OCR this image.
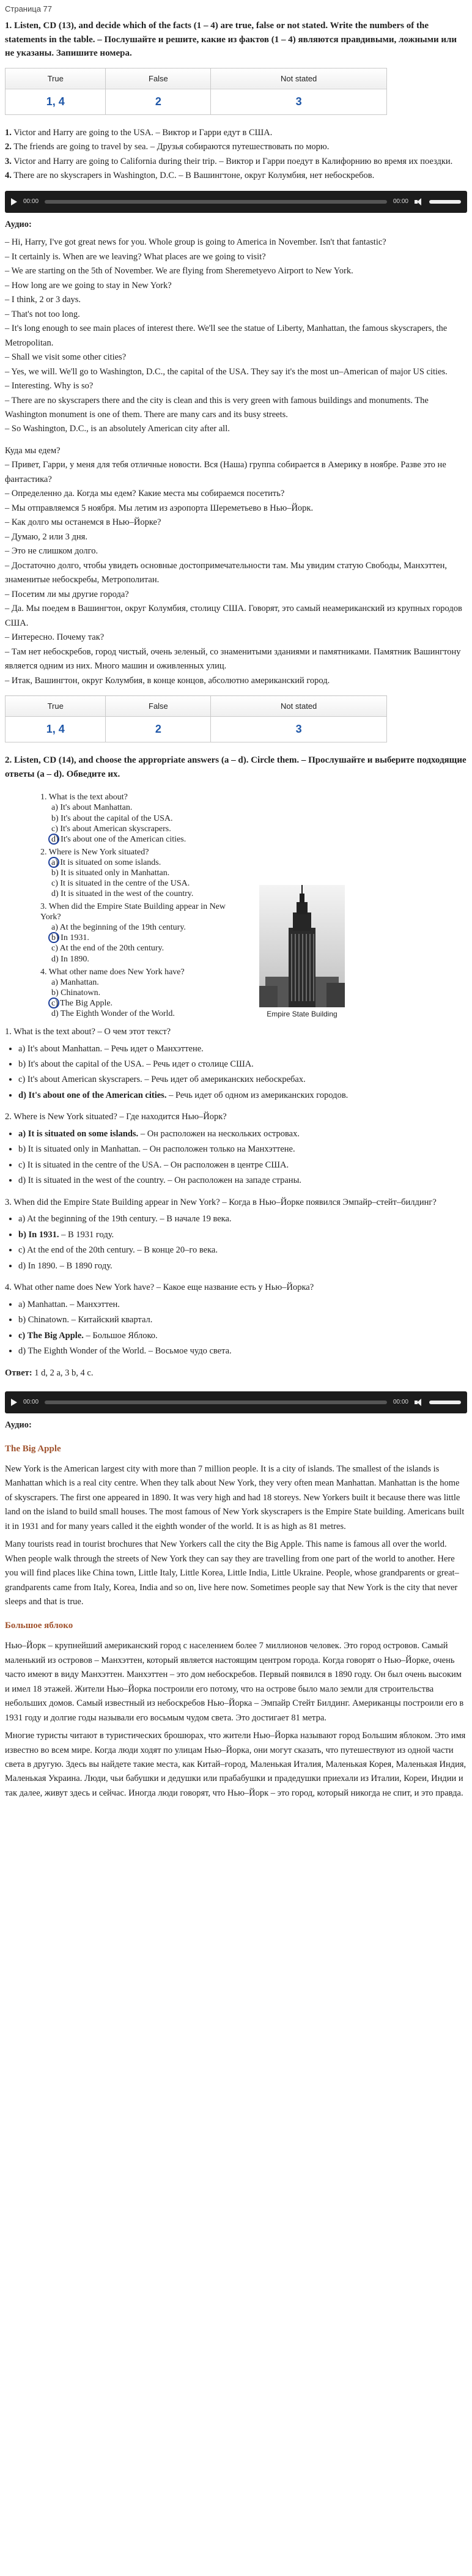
Страница 77
1. Listen, CD (13), and decide which of the facts (1 – 4) are true, false or not stated. Write the numbers of the statements in the table. – Послушайте и решите, какие из фактов (1 – 4) являются правдивыми, ложными или не указаны. Запишите номера.
True	False	Not stated
1, 4	2	3

1. Victor and Harry are going to the USA. – Виктор и Гарри едут в США.

2. The friends are going to travel by sea. – Друзья собираются путешествовать по морю.

3. Victor and Harry are going to California during their trip. – Виктор и Гарри поедут в Калифорнию во время их поездки.

4. There are no skyscrapers in Washington, D.C. – В Вашингтоне, округ Колумбия, нет небоскребов.

00:00	00:00
Аудио:

– Hi, Harry, I've got great news for you. Whole group is going to America in November. Isn't that fantastic?

– It certainly is. When are we leaving? What places are we going to visit?

– We are starting on the 5th of November. We are flying from Sheremetyevo Airport to New York.

– How long are we going to stay in New York?

– I think, 2 or 3 days.

– That's not too long.

– It's long enough to see main places of interest there. We'll see the statue of Liberty, Manhattan, the famous skyscrapers, the Metropolitan.

– Shall we visit some other cities?

– Yes, we will. We'll go to Washington, D.C., the capital of the USA. They say it's the most un–American of major US cities.

– Interesting. Why is so?

– There are no skyscrapers there and the city is clean and this is very green with famous buildings and monuments. The Washington monument is one of them. There are many cars and its busy streets.

– So Washington, D.C., is an absolutely American city after all.

Куда мы едем?

– Привет, Гарри, у меня для тебя отличные новости. Вся (Наша) группа собирается в Америку в ноябре. Разве это не фантастика?

– Определенно да. Когда мы едем? Какие места мы собираемся посетить?

– Мы отправляемся 5 ноября. Мы летим из аэропорта Шереметьево в Нью–Йорк.

– Как долго мы останемся в Нью–Йорке?

– Думаю, 2 или 3 дня.

– Это не слишком долго.

– Достаточно долго, чтобы увидеть основные достопримечательности там. Мы увидим статую Свободы, Манхэттен, знаменитые небоскребы, Метрополитан.

– Посетим ли мы другие города?

– Да. Мы поедем в Вашингтон, округ Колумбия, столицу США. Говорят, это самый неамериканский из крупных городов США.

– Интересно. Почему так?

– Там нет небоскребов, город чистый, очень зеленый, со знаменитыми зданиями и памятниками. Памятник Вашингтону является одним из них. Много машин и оживленных улиц.

– Итак, Вашингтон, округ Колумбия, в конце концов, абсолютно американский город.

True	False	Not stated
1, 4	2	3
2. Listen, CD (14), and choose the appropriate answers (a – d). Circle them. – Прослушайте и выберите подходящие ответы (a – d). Обведите их.
1. What is the text about?
a) It's about Manhattan.
b) It's about the capital of the USA.
c) It's about American skyscrapers.
d) It's about one of the American cities.
2. Where is New York situated?
a) It is situated on some islands.
b) It is situated only in Manhattan.
c) It is situated in the centre of the USA.
d) It is situated in the west of the country.
3. When did the Empire State Building appear in New York?
a) At the beginning of the 19th century.
b) In 1931.
c) At the end of the 20th century.
d) In 1890.
4. What other name does New York have?
a) Manhattan.
b) Chinatown.
c) The Big Apple.
d) The Eighth Wonder of the World.	Empire State Building

1. What is the text about? – О чем этот текст?

• a) It's about Manhattan. – Речь идет о Манхэттене.
• b) It's about the capital of the USA. – Речь идет о столице США.
• c) It's about American skyscrapers. – Речь идет об американских небоскребах.
• d) It's about one of the American cities. – Речь идет об одном из американских городов.

2. Where is New York situated? – Где находится Нью–Йорк?

• a) It is situated on some islands. – Он расположен на нескольких островах.
• b) It is situated only in Manhattan. – Он расположен только на Манхэттене.
• c) It is situated in the centre of the USA. – Он расположен в центре США.
• d) It is situated in the west of the country. – Он расположен на западе страны.

3. When did the Empire State Building appear in New York? – Когда в Нью–Йорке появился Эмпайр–стейт–билдинг?

• a) At the beginning of the 19th century. – В начале 19 века.
• b) In 1931. – В 1931 году.
• c) At the end of the 20th century. – В конце 20–го века.
• d) In 1890. – В 1890 году.

4. What other name does New York have? – Какое еще название есть у Нью–Йорка?

• a) Manhattan. – Манхэттен.
• b) Chinatown. – Китайский квартал.
• c) The Big Apple. – Большое Яблоко.
• d) The Eighth Wonder of the World. – Восьмое чудо света.
Ответ: 1 d, 2 a, 3 b, 4 c.
00:00	00:00
Аудио:
The Big Apple

New York is the American largest city with more than 7 million people. It is a city of islands. The smallest of the islands is Manhattan which is a real city centre. When they talk about New York, they very often mean Manhattan. Manhattan is the home of skyscrapers. The first one appeared in 1890. It was very high and had 18 storeys. New Yorkers built it because there was little land on the island to build small houses. The most famous of New York skyscrapers is the Empire State building. Americans built it in 1931 and for many years called it the eighth wonder of the world. It is as high as 81 metres.

Many tourists read in tourist brochures that New Yorkers call the city the Big Apple. This name is famous all over the world. When people walk through the streets of New York they can say they are travelling from one part of the world to another. Here you will find places like China town, Little Italy, Little Korea, Little India, Little Ukraine. People, whose grandparents or great–grandparents came from Italy, Korea, India and so on, live here now. Sometimes people say that New York is the city that never sleeps and that is true.

Большое яблоко

Нью–Йорк – крупнейший американский город с населением более 7 миллионов человек. Это город островов. Самый маленький из островов – Манхэттен, который является настоящим центром города. Когда говорят о Нью–Йорке, очень часто имеют в виду Манхэттен. Манхэттен – это дом небоскребов. Первый появился в 1890 году. Он был очень высоким и имел 18 этажей. Жители Нью–Йорка построили его потому, что на острове было мало земли для строительства небольших домов. Самый известный из небоскребов Нью–Йорка – Эмпайр Стейт Билдинг. Американцы построили его в 1931 году и долгие годы называли его восьмым чудом света. Это достигает 81 метра.

Многие туристы читают в туристических брошюрах, что жители Нью–Йорка называют город Большим яблоком. Это имя известно во всем мире. Когда люди ходят по улицам Нью–Йорка, они могут сказать, что путешествуют из одной части света в другую. Здесь вы найдете такие места, как Китай–город, Маленькая Италия, Маленькая Корея, Маленькая Индия, Маленькая Украина. Люди, чьи бабушки и дедушки или прабабушки и прадедушки приехали из Италии, Кореи, Индии и так далее, живут здесь и сейчас. Иногда люди говорят, что Нью–Йорк – это город, который никогда не спит, и это правда.
